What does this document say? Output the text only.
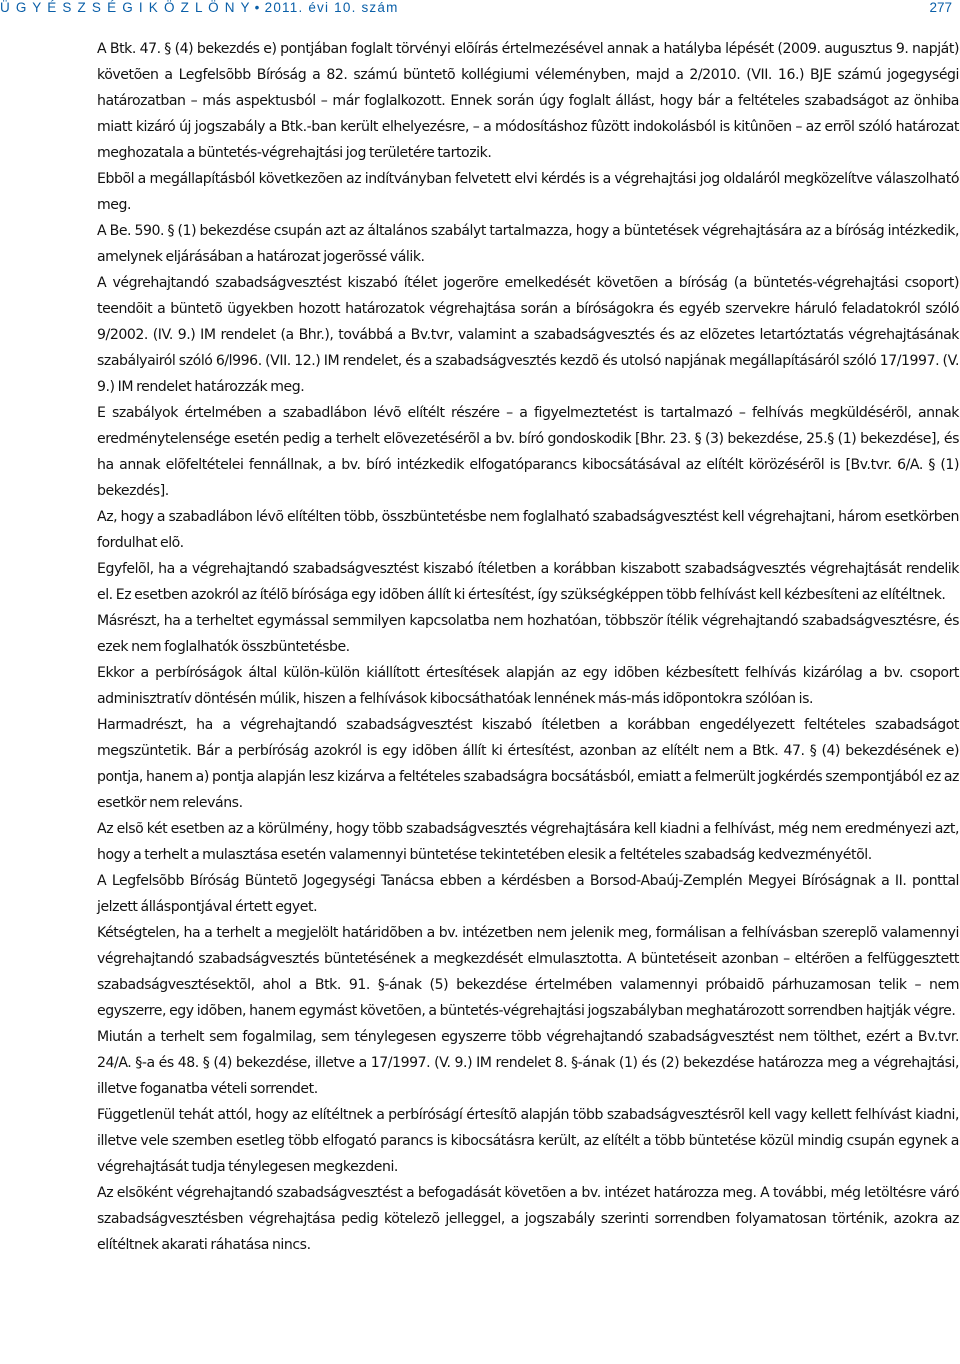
Ü G Y É S Z S É G I K Ö Z L Ö N Y • 2011. évi 10. szám	277

A Btk. 47. § (4) bekezdés e) pontjában foglalt törvényi elõírás értelmezésével annak a hatályba lépését (2009. augusztus 9. napját) követõen a Legfelsõbb Bíróság a 82. számú büntetõ kollégiumi véleményben, majd a 2/2010. (VII. 16.) BJE számú jogegységi határozatban – más aspektusból – már foglalkozott. Ennek során úgy foglalt állást, hogy bár a feltételes szabadságot az önhiba miatt kizáró új jogszabály a Btk.-ban került elhelyezésre, – a módosításhoz fûzött indokolásból is kitûnõen – az errõl szóló határozat meghozatala a büntetés-végrehajtási jog területére tartozik.

Ebbõl a megállapításból következõen az indítványban felvetett elvi kérdés is a végrehajtási jog oldaláról megközelítve válaszolható meg.

A Be. 590. § (1) bekezdése csupán azt az általános szabályt tartalmazza, hogy a büntetések végrehajtására az a bíróság intézkedik, amelynek eljárásában a határozat jogerõssé válik.

A végrehajtandó szabadságvesztést kiszabó ítélet jogerõre emelkedését követõen a bíróság (a büntetés-végrehajtási csoport) teendõit a büntetõ ügyekben hozott határozatok végrehajtása során a bíróságokra és egyéb szervekre háruló feladatokról szóló 9/2002. (IV. 9.) IM rendelet (a Bhr.), továbbá a Bv.tvr, valamint a szabadságvesztés és az elõzetes letartóztatás végrehajtásának szabályairól szóló 6/l996. (VII. 12.) IM rendelet, és a szabadságvesztés kezdõ és utolsó napjának megállapításáról szóló 17/1997. (V. 9.) IM rendelet határozzák meg.

E szabályok értelmében a szabadlábon lévõ elítélt részére – a figyelmeztetést is tartalmazó – felhívás megküldésérõl, annak eredménytelensége esetén pedig a terhelt elõvezetésérõl a bv. bíró gondoskodik [Bhr. 23. § (3) bekezdése, 25.§ (1) bekezdése], és ha annak elõfeltételei fennállnak, a bv. bíró intézkedik elfogatóparancs kibocsátásával az elítélt körözésérõl is [Bv.tvr. 6/A. § (1) bekezdés].

Az, hogy a szabadlábon lévõ elítélten több, összbüntetésbe nem foglalható szabadságvesztést kell végrehajtani, három esetkörben fordulhat elõ.

Egyfelõl, ha a végrehajtandó szabadságvesztést kiszabó ítéletben a korábban kiszabott szabadságvesztés végrehajtását rendelik el. Ez esetben azokról az ítélõ bírósága egy idõben állít ki értesítést, így szükségképpen több felhívást kell kézbesíteni az elítéltnek.

Másrészt, ha a terheltet egymással semmilyen kapcsolatba nem hozhatóan, többször ítélik végrehajtandó szabadságvesztésre, és ezek nem foglalhatók összbüntetésbe.

Ekkor a perbíróságok által külön-külön kiállított értesítések alapján az egy idõben kézbesített felhívás kizárólag a bv. csoport adminisztratív döntésén múlik, hiszen a felhívások kibocsáthatóak lennének más-más idõpontokra szólóan is.

Harmadrészt, ha a végrehajtandó szabadságvesztést kiszabó ítéletben a korábban engedélyezett feltételes szabadságot megszüntetik. Bár a perbíróság azokról is egy idõben állít ki értesítést, azonban az elítélt nem a Btk. 47. § (4) bekezdésének e) pontja, hanem a) pontja alapján lesz kizárva a feltételes szabadságra bocsátásból, emiatt a felmerült jogkérdés szempontjából ez az esetkör nem releváns.

Az elsõ két esetben az a körülmény, hogy több szabadságvesztés végrehajtására kell kiadni a felhívást, még nem eredményezi azt, hogy a terhelt a mulasztása esetén valamennyi büntetése tekintetében elesik a feltételes szabadság kedvezményétõl.

A Legfelsõbb Bíróság Büntetõ Jogegységi Tanácsa ebben a kérdésben a Borsod-Abaúj-Zemplén Megyei Bíróságnak a II. ponttal jelzett álláspontjával értett egyet.

Kétségtelen, ha a terhelt a megjelölt határidõben a bv. intézetben nem jelenik meg, formálisan a felhívásban szereplõ valamennyi végrehajtandó szabadságvesztés büntetésének a megkezdését elmulasztotta. A büntetéseit azonban – eltérõen a felfüggesztett szabadságvesztésektõl, ahol a Btk. 91. §-ának (5) bekezdése értelmében valamennyi próbaidõ párhuzamosan telik – nem egyszerre, egy idõben, hanem egymást követõen, a büntetés-végrehajtási jogszabályban meghatározott sorrendben hajtják végre.

Miután a terhelt sem fogalmilag, sem ténylegesen egyszerre több végrehajtandó szabadságvesztést nem tölthet, ezért a Bv.tvr. 24/A. §-a és 48. § (4) bekezdése, illetve a 17/1997. (V. 9.) IM rendelet 8. §-ának (1) és (2) bekezdése határozza meg a végrehajtási, illetve foganatba vételi sorrendet.

Függetlenül tehát attól, hogy az elítéltnek a perbíróságí értesítõ alapján több szabadságvesztésrõl kell vagy kellett felhívást kiadni, illetve vele szemben esetleg több elfogató parancs is kibocsátásra került, az elítélt a több büntetése közül mindig csupán egynek a végrehajtását tudja ténylegesen megkezdeni.

Az elsõként végrehajtandó szabadságvesztést a befogadását követõen a bv. intézet határozza meg. A további, még letöltésre váró szabadságvesztésben végrehajtása pedig kötelezõ jelleggel, a jogszabály szerinti sorrendben folyamatosan történik, azokra az elítéltnek akarati ráhatása nincs.
